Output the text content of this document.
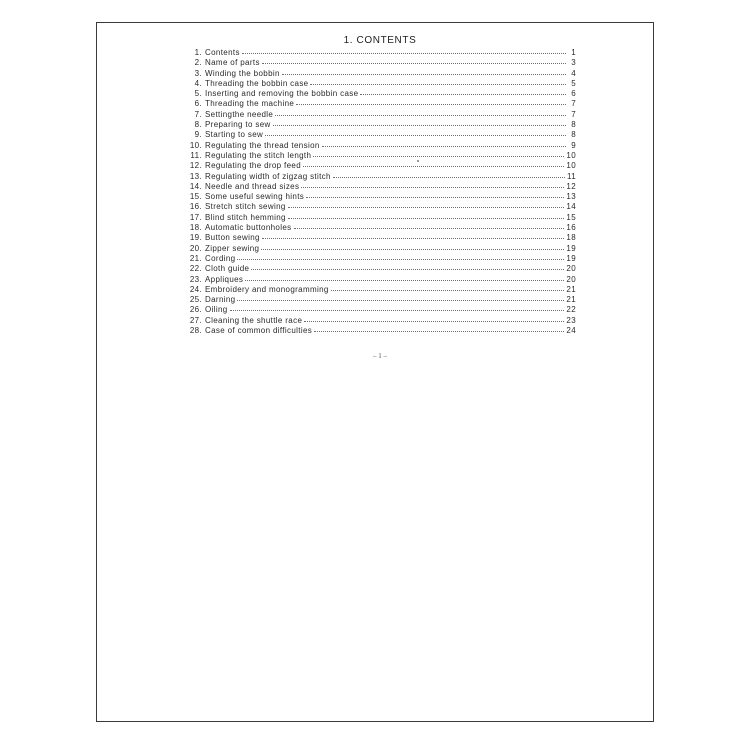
1. CONTENTS
1. Contents	1
2. Name of parts	3
3. Winding the bobbin	4
4. Threading the bobbin case	5
5. Inserting and removing the bobbin case	6
6. Threading the machine	7
7. Settingthe needle	7
8. Preparing to sew	8
9. Starting to sew	8
10. Regulating the thread tension	9
11. Regulating the stitch length	10
12. Regulating the drop feed	10
13. Regulating width of zigzag stitch	11
14. Needle and thread sizes	12
15. Some useful sewing hints	13
16. Stretch stitch sewing	14
17. Blind stitch hemming	15
18. Automatic buttonholes	16
19. Button sewing	18
20. Zipper sewing	19
21. Cording	19
22. Cloth guide	20
23. Appliques	20
24. Embroidery and monogramming	21
25. Darning	21
26. Oiling	22
27. Cleaning the shuttle race	23
28. Case of common difficulties	24
– 1 –
